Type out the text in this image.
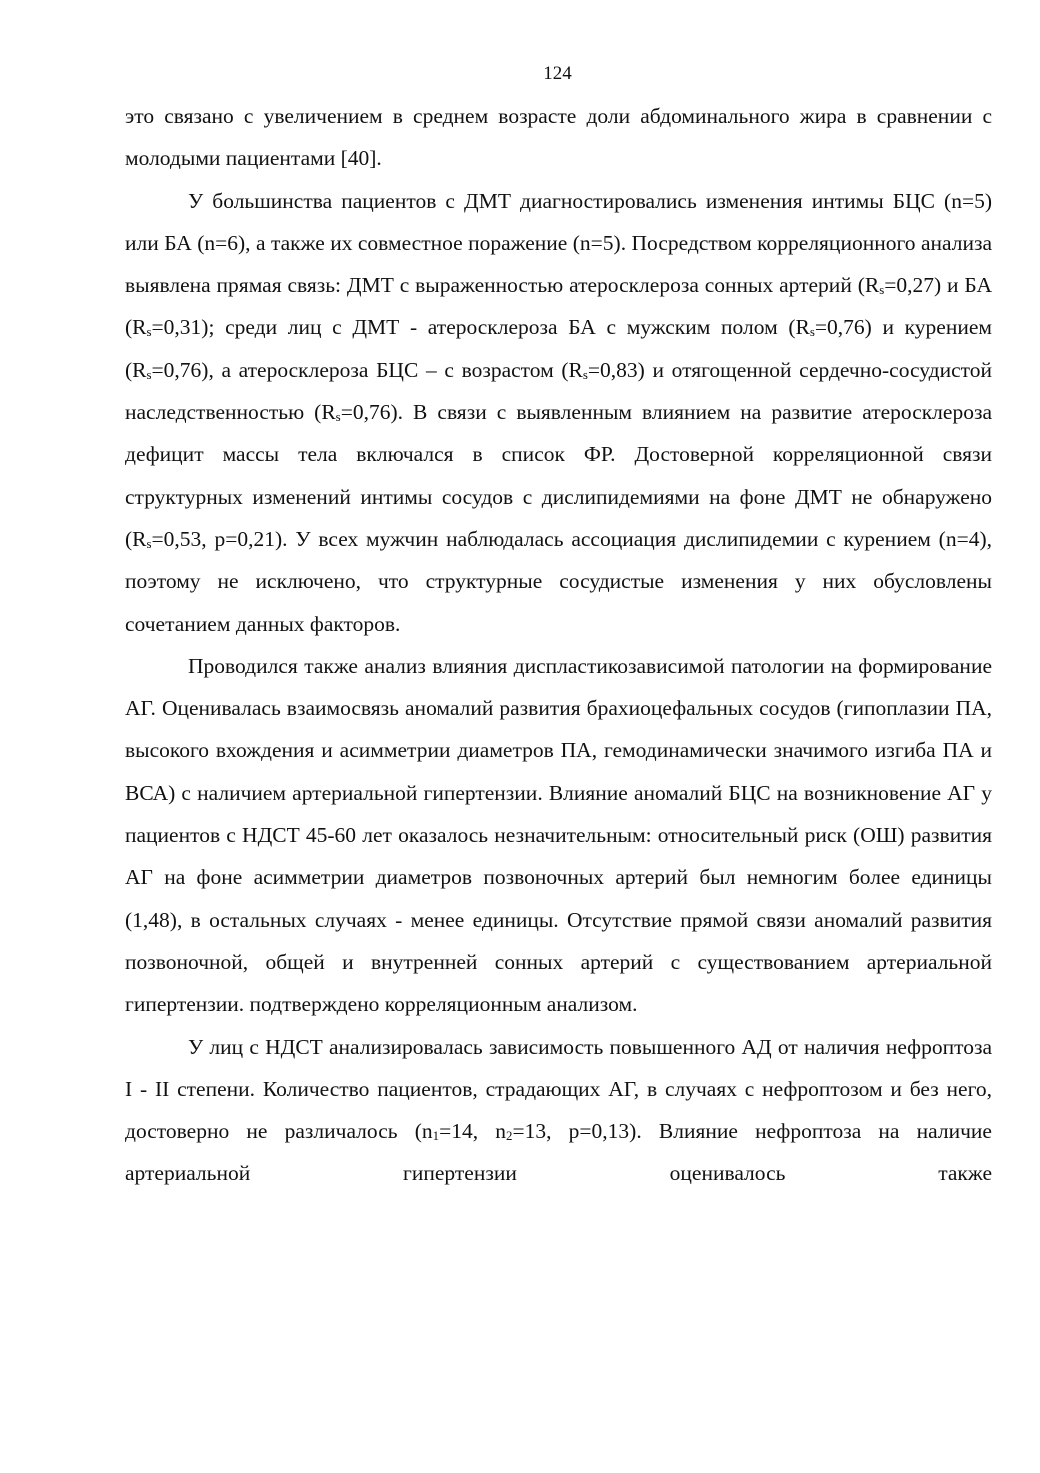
124

это связано с увеличением в среднем возрасте доли абдоминального жира в сравнении с молодыми пациентами [40].

У большинства пациентов с ДМТ диагностировались изменения интимы БЦС (n=5) или БА (n=6), а также их совместное поражение (n=5). Посредством корреляционного анализа выявлена прямая связь: ДМТ с выраженностью атеросклероза сонных артерий $(R_s=0,27)$ и БА $(R_s=0,31)$; среди лиц с ДМТ - атеросклероза БА с мужским полом $(R_s=0,76)$ и курением $(R_s=0,76)$, а атеросклероза БЦС – с возрастом $(R_s=0,83)$ и отягощенной сердечно-сосудистой наследственностью $(R_s=0,76)$. В связи с выявленным влиянием на развитие атеросклероза дефицит массы тела включался в список ФР. Достоверной корреляционной связи структурных изменений интимы сосудов с дислипидемиями на фоне ДМТ не обнаружено ($R_s=0,53$, p=0,21). У всех мужчин наблюдалась ассоциация дислипидемии с курением (n=4), поэтому не исключено, что структурные сосудистые изменения у них обусловлены сочетанием данных факторов.

Проводился также анализ влияния диспластикозависимой патологии на формирование АГ. Оценивалась взаимосвязь аномалий развития брахиоцефальных сосудов (гипоплазии ПА, высокого вхождения и асимметрии диаметров ПА, гемодинамически значимого изгиба ПА и ВСА) с наличием артериальной гипертензии. Влияние аномалий БЦС на возникновение АГ у пациентов с НДСТ 45-60 лет оказалось незначительным: относительный риск (ОШ) развития АГ на фоне асимметрии диаметров позвоночных артерий был немногим более единицы (1,48), в остальных случаях - менее единицы. Отсутствие прямой связи аномалий развития позвоночной, общей и внутренней сонных артерий с существованием артериальной гипертензии. подтверждено корреляционным анализом.

У лиц с НДСТ анализировалась зависимость повышенного АД от наличия нефроптоза I - II степени. Количество пациентов, страдающих АГ, в случаях с нефроптозом и без него, достоверно не различалось ($n_1=14$, $n_2=13$, p=0,13). Влияние нефроптоза на наличие артериальной гипертензии оценивалось также
